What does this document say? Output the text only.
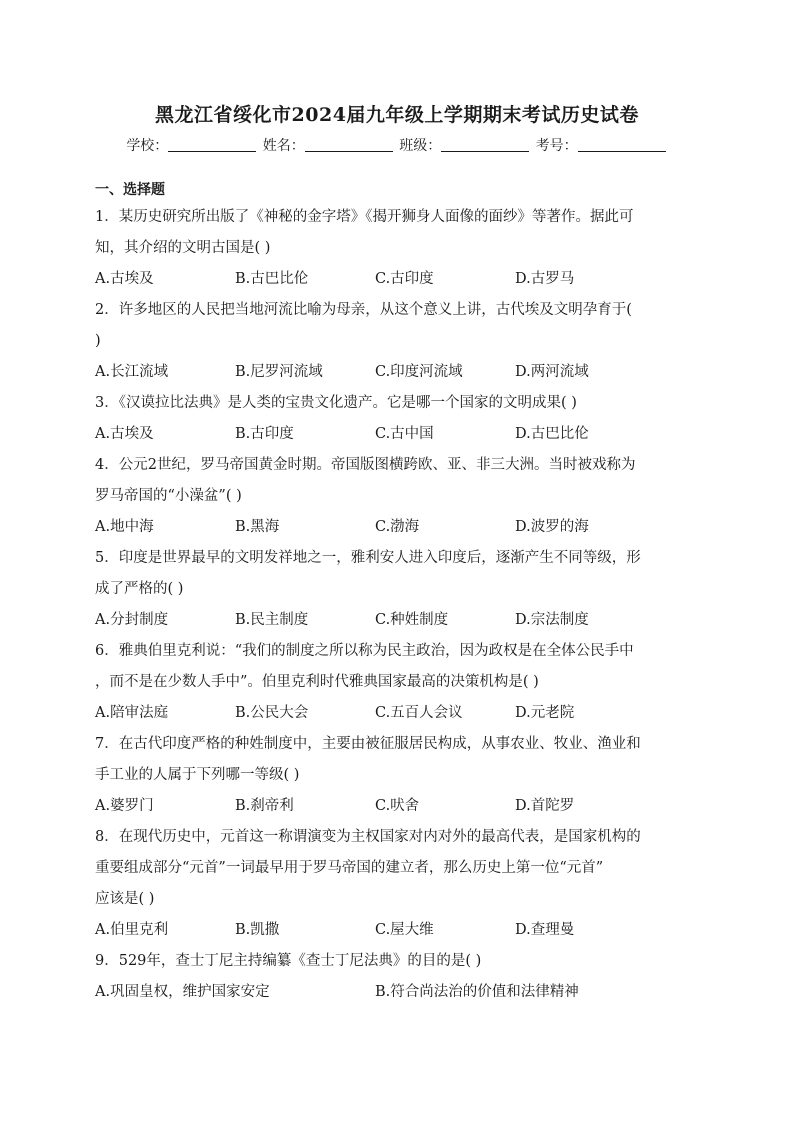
黑龙江省绥化市2024届九年级上学期期末考试历史试卷
学校：	姓名：	班级：	考号：
一、选择题
1．某历史研究所出版了《神秘的金字塔》《揭开狮身人面像的面纱》等著作。据此可
知，其介绍的文明古国是( )
A.古埃及	B.古巴比伦	C.古印度	D.古罗马
2．许多地区的人民把当地河流比喻为母亲，从这个意义上讲，古代埃及文明孕育于(
)
A.长江流域	B.尼罗河流域	C.印度河流域	D.两河流域
3．《汉谟拉比法典》是人类的宝贵文化遗产。它是哪一个国家的文明成果( )
A.古埃及	B.古印度	C.古中国	D.古巴比伦
4．公元2世纪，罗马帝国黄金时期。帝国版图横跨欧、亚、非三大洲。当时被戏称为
罗马帝国的“小澡盆”( )
A.地中海	B.黑海	C.渤海	D.波罗的海
5．印度是世界最早的文明发祥地之一，雅利安人进入印度后，逐渐产生不同等级，形
成了严格的( )
A.分封制度	B.民主制度	C.种姓制度	D.宗法制度
6．雅典伯里克利说：“我们的制度之所以称为民主政治，因为政权是在全体公民手中
，而不是在少数人手中”。伯里克利时代雅典国家最高的决策机构是( )
A.陪审法庭	B.公民大会	C.五百人会议	D.元老院
7．在古代印度严格的种姓制度中，主要由被征服居民构成，从事农业、牧业、渔业和
手工业的人属于下列哪一等级( )
A.婆罗门	B.刹帝利	C.吠舍	D.首陀罗
8．在现代历史中，元首这一称谓演变为主权国家对内对外的最高代表，是国家机构的
重要组成部分“元首”一词最早用于罗马帝国的建立者，那么历史上第一位“元首”
应该是( )
A.伯里克利	B.凯撒	C.屋大维	D.查理曼
9．529年，查士丁尼主持编纂《查士丁尼法典》的目的是( )
A.巩固皇权，维护国家安定	B.符合尚法治的价值和法律精神
